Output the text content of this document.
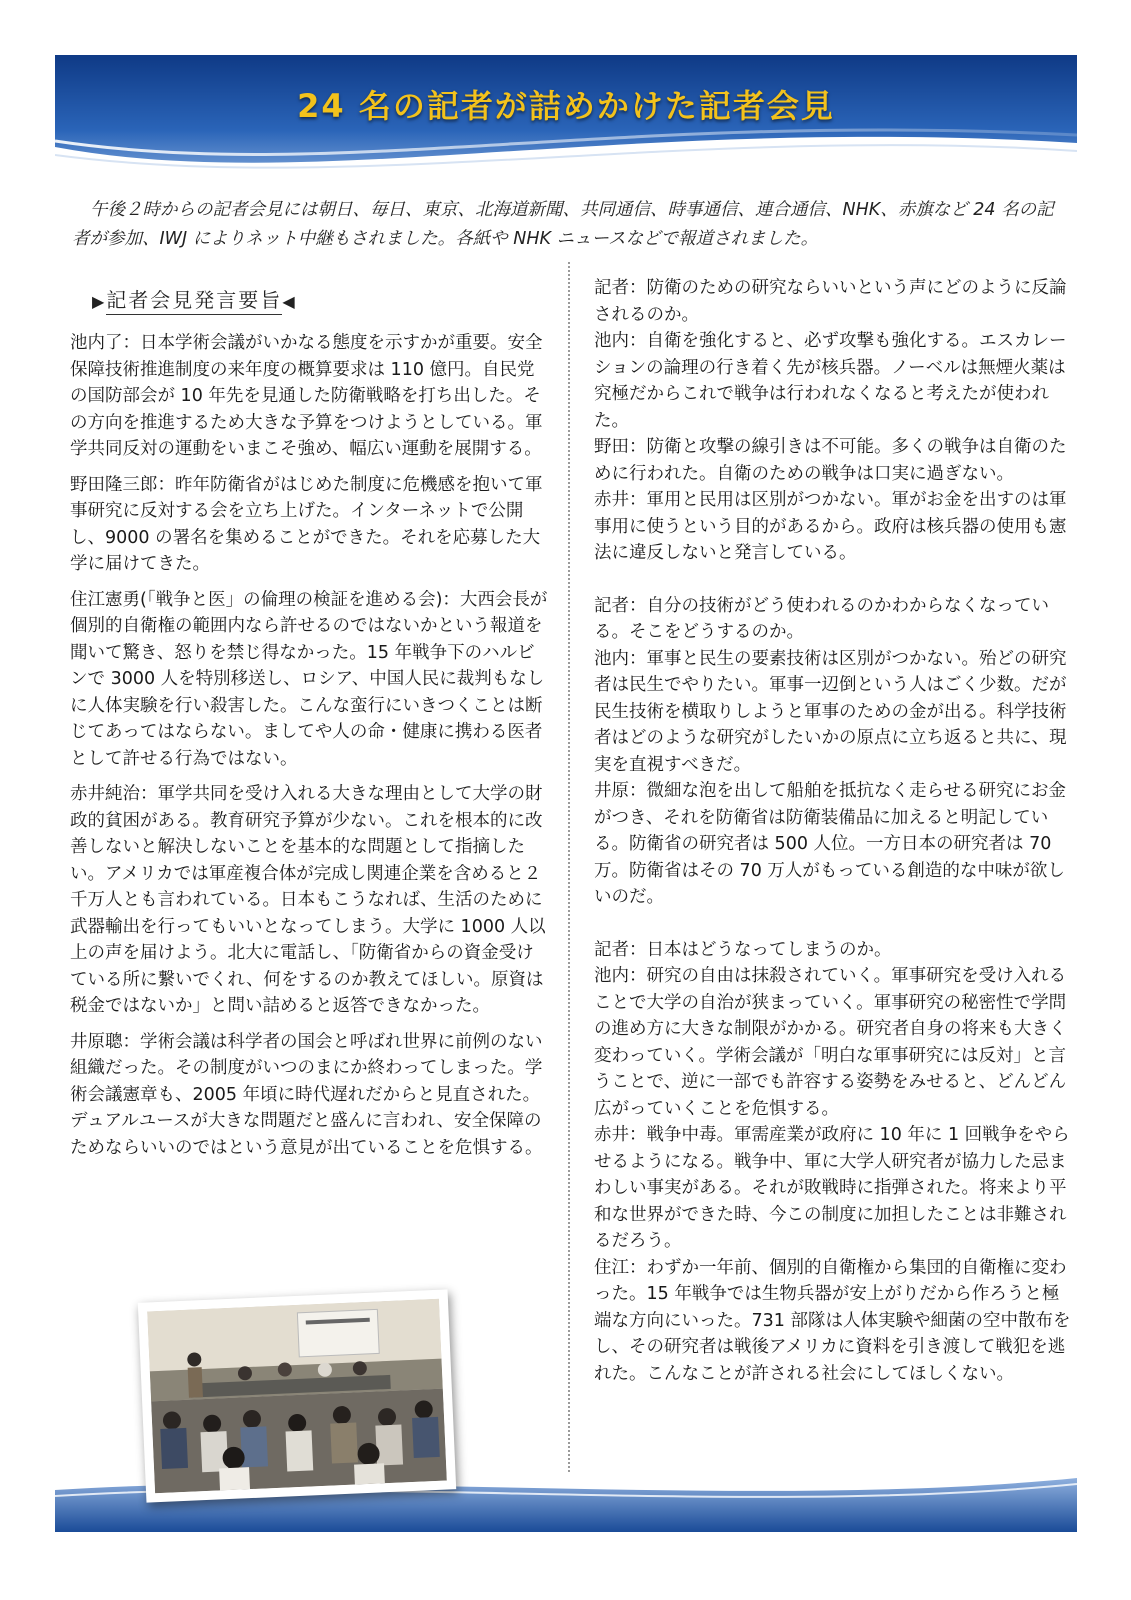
24 名の記者が詰めかけた記者会見

午後２時からの記者会見には朝日、毎日、東京、北海道新聞、共同通信、時事通信、連合通信、NHK、赤旗など 24 名の記者が参加、IWJ によりネット中継もされました。各紙や NHK ニュースなどで報道されました。

▶記者会見発言要旨◀

池内了：日本学術会議がいかなる態度を示すかが重要。安全保障技術推進制度の来年度の概算要求は 110 億円。自民党の国防部会が 10 年先を見通した防衛戦略を打ち出した。その方向を推進するため大きな予算をつけようとしている。軍学共同反対の運動をいまこそ強め、幅広い運動を展開する。

野田隆三郎：昨年防衛省がはじめた制度に危機感を抱いて軍事研究に反対する会を立ち上げた。インターネットで公開し、9000 の署名を集めることができた。それを応募した大学に届けてきた。

住江憲勇(「戦争と医」の倫理の検証を進める会)：大西会長が個別的自衛権の範囲内なら許せるのではないかという報道を聞いて驚き、怒りを禁じ得なかった。15 年戦争下のハルビンで 3000 人を特別移送し、ロシア、中国人民に裁判もなしに人体実験を行い殺害した。こんな蛮行にいきつくことは断じてあってはならない。ましてや人の命・健康に携わる医者として許せる行為ではない。

赤井純治：軍学共同を受け入れる大きな理由として大学の財政的貧困がある。教育研究予算が少ない。これを根本的に改善しないと解決しないことを基本的な問題として指摘したい。アメリカでは軍産複合体が完成し関連企業を含めると２千万人とも言われている。日本もこうなれば、生活のために武器輸出を行ってもいいとなってしまう。大学に 1000 人以上の声を届けよう。北大に電話し、「防衛省からの資金受けている所に繋いでくれ、何をするのか教えてほしい。原資は税金ではないか」と問い詰めると返答できなかった。

井原聰：学術会議は科学者の国会と呼ばれ世界に前例のない組織だった。その制度がいつのまにか終わってしまった。学術会議憲章も、2005 年頃に時代遅れだからと見直された。デュアルユースが大きな問題だと盛んに言われ、安全保障のためならいいのではという意見が出ていることを危惧する。

記者：防衛のための研究ならいいという声にどのように反論されるのか。

池内：自衛を強化すると、必ず攻撃も強化する。エスカレーションの論理の行き着く先が核兵器。ノーベルは無煙火薬は究極だからこれで戦争は行われなくなると考えたが使われた。

野田：防衛と攻撃の線引きは不可能。多くの戦争は自衛のために行われた。自衛のための戦争は口実に過ぎない。

赤井：軍用と民用は区別がつかない。軍がお金を出すのは軍事用に使うという目的があるから。政府は核兵器の使用も憲法に違反しないと発言している。

記者：自分の技術がどう使われるのかわからなくなっている。そこをどうするのか。

池内：軍事と民生の要素技術は区別がつかない。殆どの研究者は民生でやりたい。軍事一辺倒という人はごく少数。だが民生技術を横取りしようと軍事のための金が出る。科学技術者はどのような研究がしたいかの原点に立ち返ると共に、現実を直視すべきだ。

井原：微細な泡を出して船舶を抵抗なく走らせる研究にお金がつき、それを防衛省は防衛装備品に加えると明記している。防衛省の研究者は 500 人位。一方日本の研究者は 70 万。防衛省はその 70 万人がもっている創造的な中味が欲しいのだ。

記者：日本はどうなってしまうのか。

池内：研究の自由は抹殺されていく。軍事研究を受け入れることで大学の自治が狭まっていく。軍事研究の秘密性で学問の進め方に大きな制限がかかる。研究者自身の将来も大きく変わっていく。学術会議が「明白な軍事研究には反対」と言うことで、逆に一部でも許容する姿勢をみせると、どんどん広がっていくことを危惧する。

赤井：戦争中毒。軍需産業が政府に 10 年に 1 回戦争をやらせるようになる。戦争中、軍に大学人研究者が協力した忌まわしい事実がある。それが敗戦時に指弾された。将来より平和な世界ができた時、今この制度に加担したことは非難されるだろう。

住江：わずか一年前、個別的自衛権から集団的自衛権に変わった。15 年戦争では生物兵器が安上がりだから作ろうと極端な方向にいった。731 部隊は人体実験や細菌の空中散布をし、その研究者は戦後アメリカに資料を引き渡して戦犯を逃れた。こんなことが許される社会にしてほしくない。
